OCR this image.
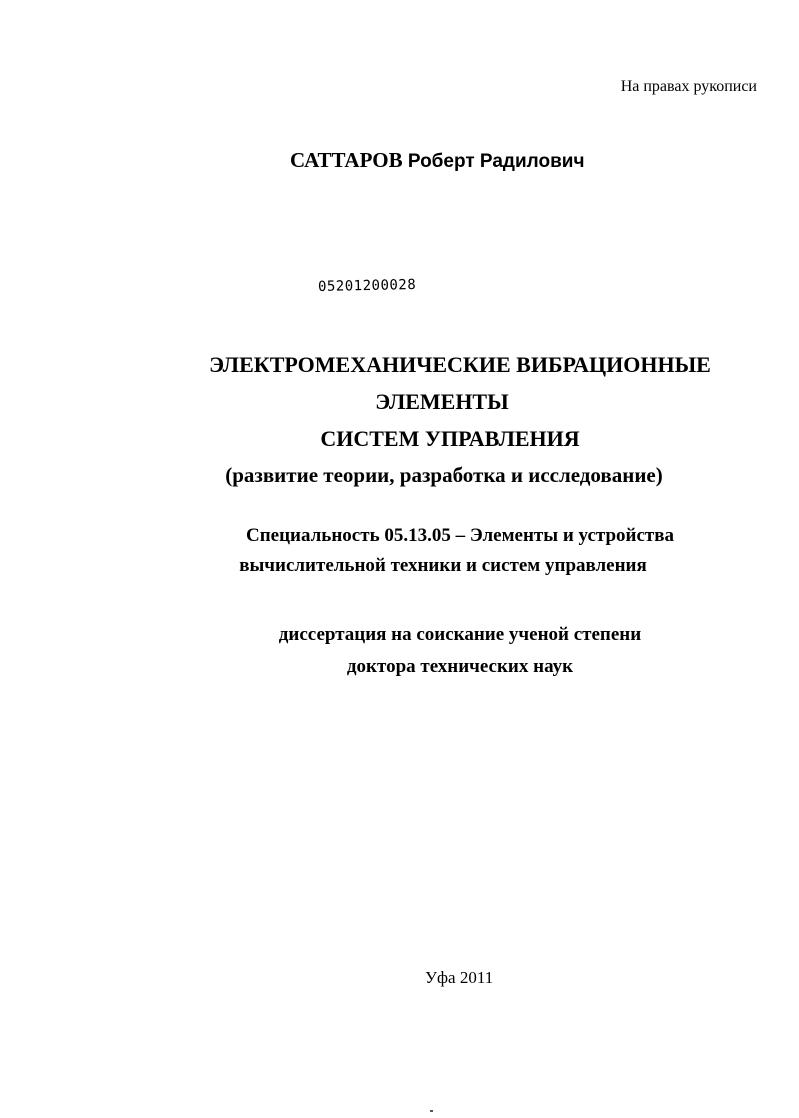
На правах рукописи
САТТАРОВ Роберт Радилович
05201200028
ЭЛЕКТРОМЕХАНИЧЕСКИЕ ВИБРАЦИОННЫЕ
ЭЛЕМЕНТЫ
СИСТЕМ УПРАВЛЕНИЯ
(развитие теории, разработка и исследование)
Специальность 05.13.05 – Элементы и устройства
вычислительной техники и систем управления
диссертация на соискание ученой степени
доктора технических наук
Уфа 2011
